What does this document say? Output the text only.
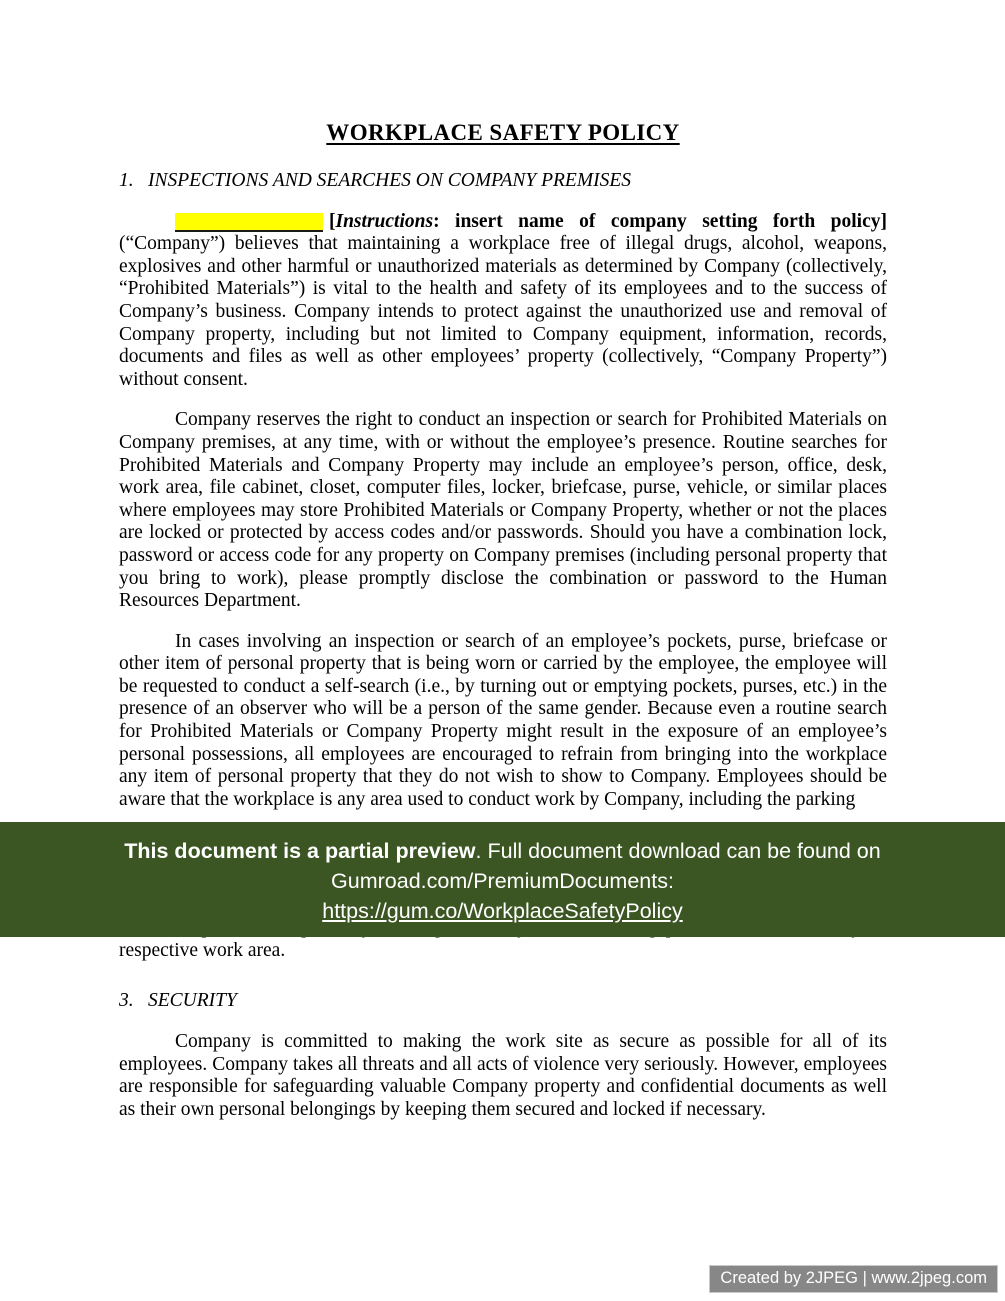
WORKPLACE SAFETY POLICY

1. INSPECTIONS AND SEARCHES ON COMPANY PREMISES

[Instructions: insert name of company setting forth policy] (“Company”) believes that maintaining a workplace free of illegal drugs, alcohol, weapons, explosives and other harmful or unauthorized materials as determined by Company (collectively, “Prohibited Materials”) is vital to the health and safety of its employees and to the success of Company’s business. Company intends to protect against the unauthorized use and removal of Company property, including but not limited to Company equipment, information, records, documents and files as well as other employees’ property (collectively, “Company Property”) without consent.

Company reserves the right to conduct an inspection or search for Prohibited Materials on Company premises, at any time, with or without the employee’s presence. Routine searches for Prohibited Materials and Company Property may include an employee’s person, office, desk, work area, file cabinet, closet, computer files, locker, briefcase, purse, vehicle, or similar places where employees may store Prohibited Materials or Company Property, whether or not the places are locked or protected by access codes and/or passwords. Should you have a combination lock, password or access code for any property on Company premises (including personal property that you bring to work), please promptly disclose the combination or password to the Human Resources Department.

In cases involving an inspection or search of an employee’s pockets, purse, briefcase or other item of personal property that is being worn or carried by the employee, the employee will be requested to conduct a self-search (i.e., by turning out or emptying pockets, purses, etc.) in the presence of an observer who will be a person of the same gender. Because even a routine search for Prohibited Materials or Company Property might result in the exposure of an employee’s personal possessions, all employees are encouraged to refrain from bringing into the workplace any item of personal property that they do not wish to show to Company. Employees should be aware that the workplace is any area used to conduct work by Company, including the parking

respective work area.

3. SECURITY

Company is committed to making the work site as secure as possible for all of its employees. Company takes all threats and all acts of violence very seriously. However, employees are responsible for safeguarding valuable Company property and confidential documents as well as their own personal belongings by keeping them secured and locked if necessary.

This document is a partial preview. Full document download can be found on
Gumroad.com/PremiumDocuments:
https://gum.co/WorkplaceSafetyPolicy
Created by 2JPEG | www.2jpeg.com
